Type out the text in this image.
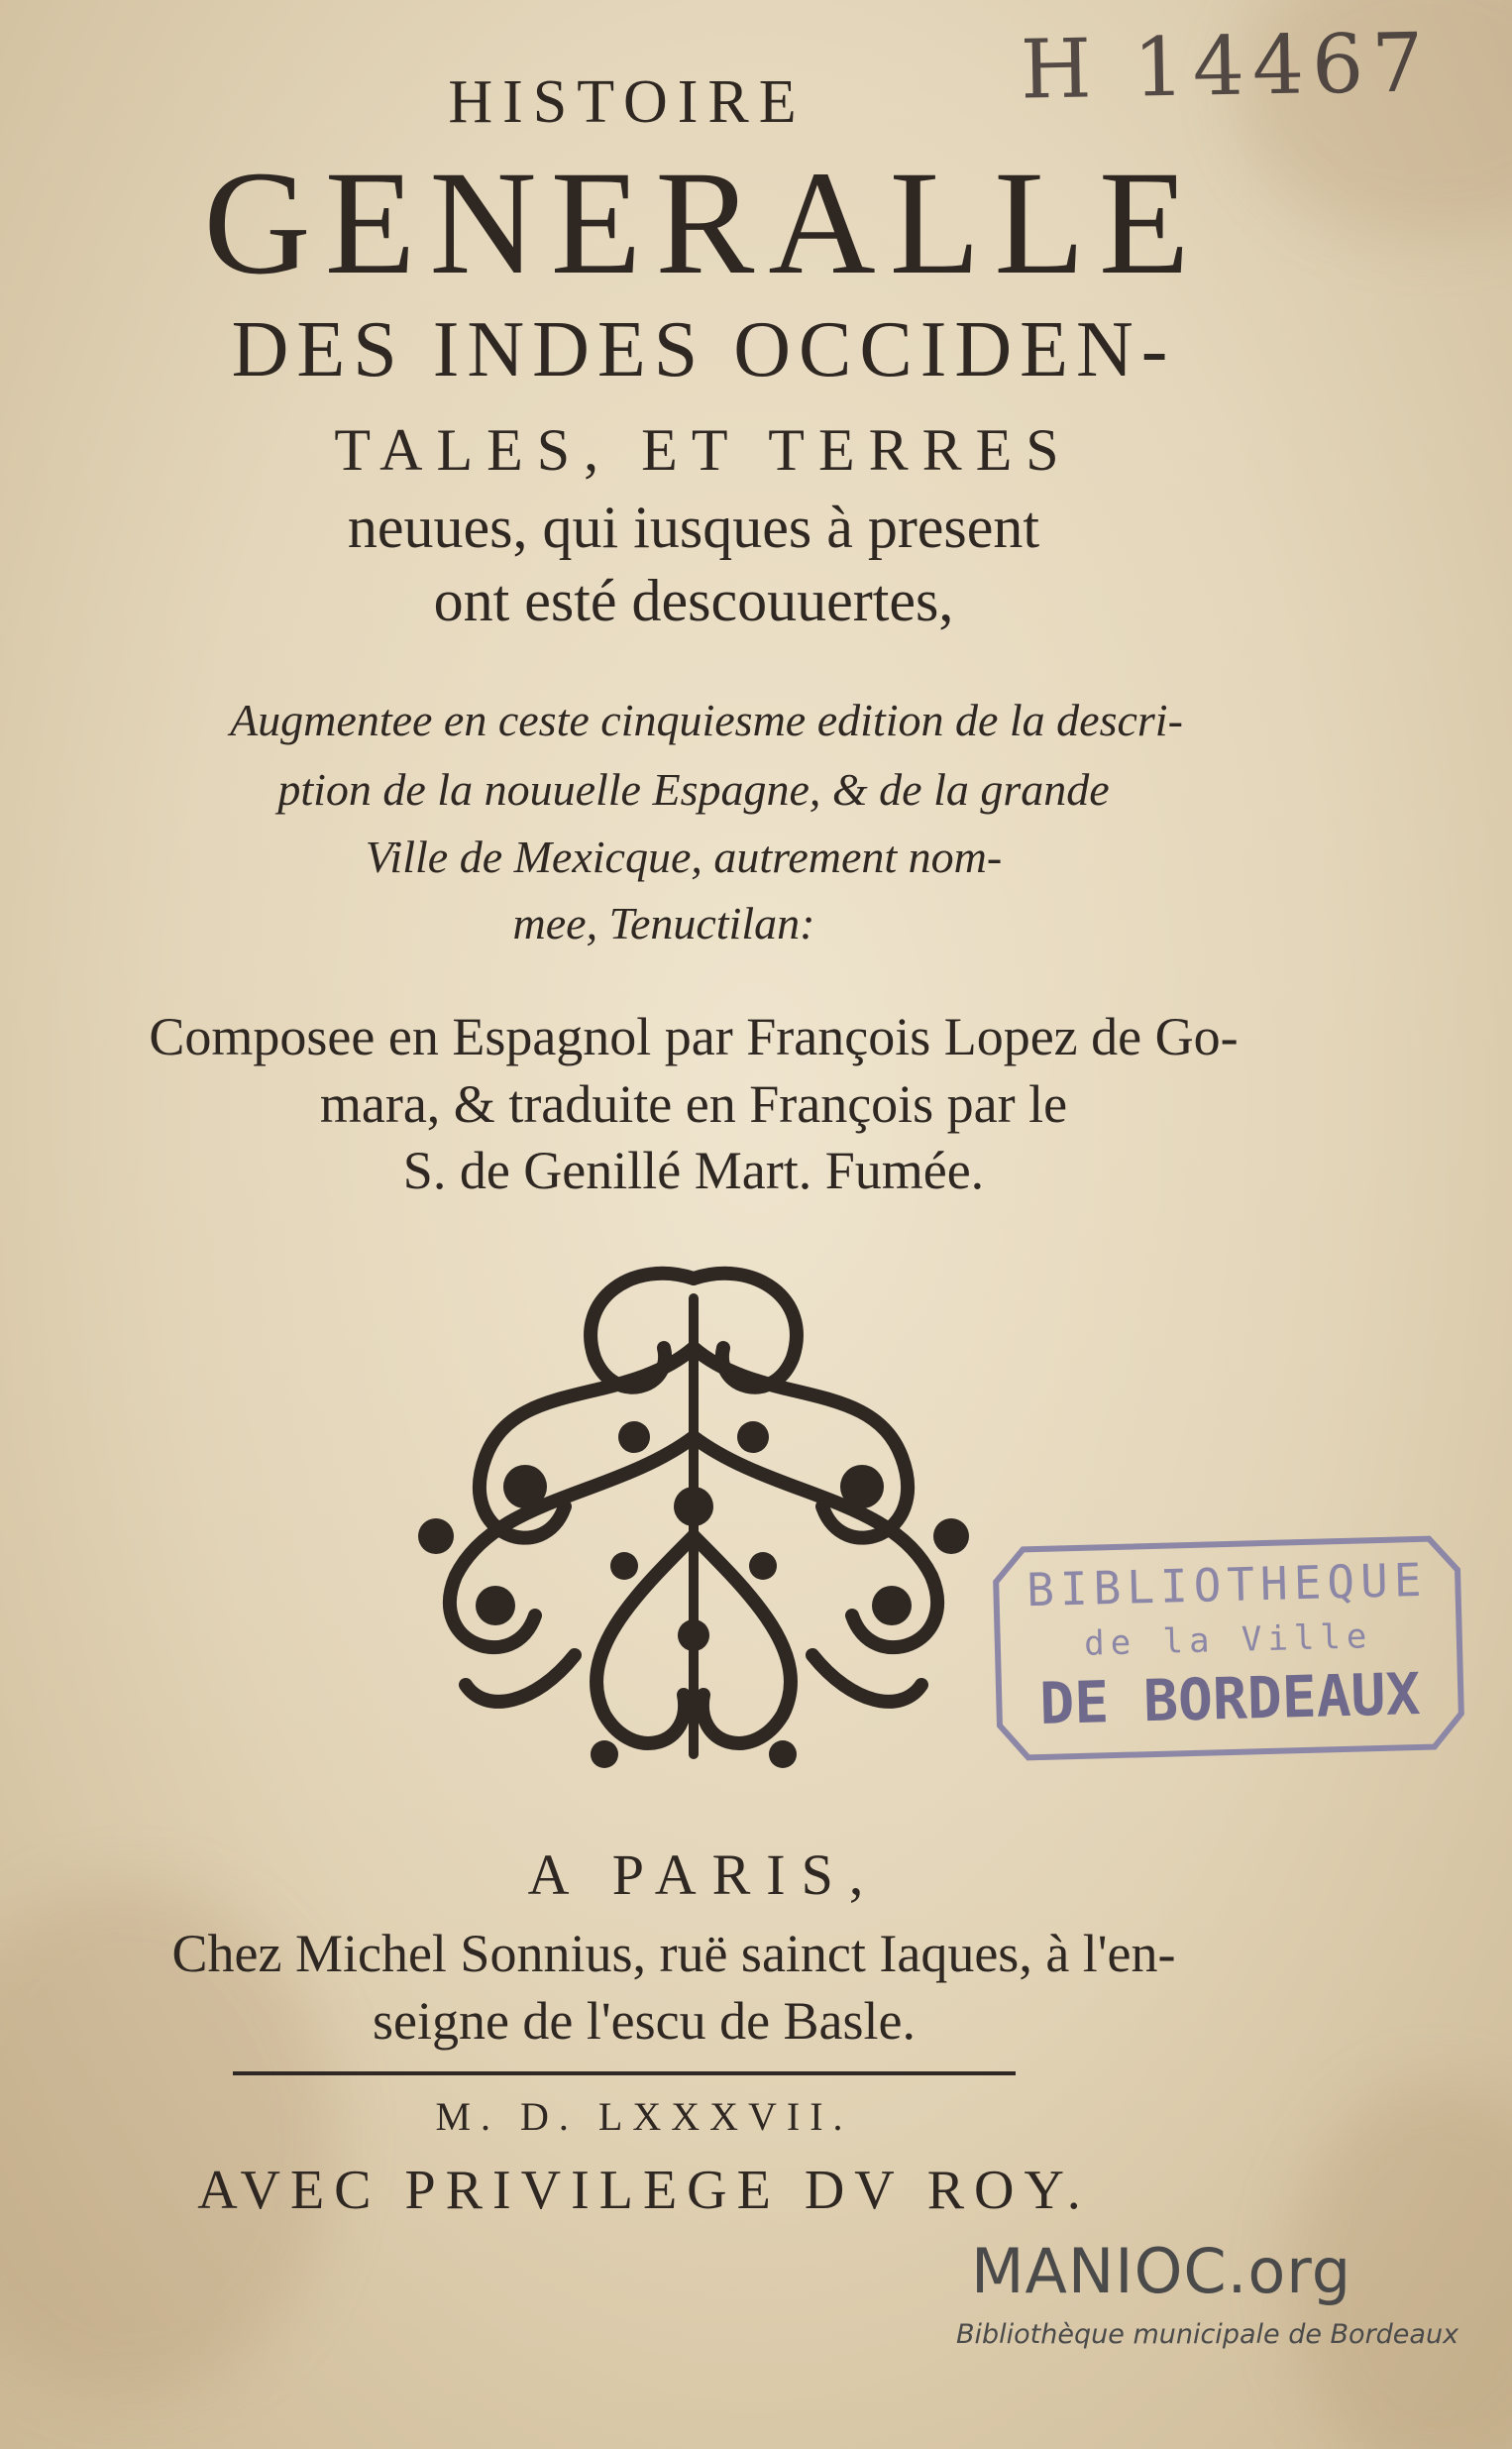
H 14467
HISTOIRE
GENERALLE
DES INDES OCCIDEN-
TALES, ET TERRES
neuues, qui iusques à present
ont esté descouuertes,
Augmentee en ceste cinquiesme edition de la descri-
ption de la nouuelle Espagne, & de la grande
Ville de Mexicque, autrement nom-
mee, Tenuctilan:
Composee en Espagnol par François Lopez de Go-
mara, & traduite en François par le
S. de Genillé Mart. Fumée.
BIBLIOTHEQUE
de la Ville
DE BORDEAUX
A PARIS,
Chez Michel Sonnius, ruë sainct Iaques, à l'en-
seigne de l'escu de Basle.
M. D. LXXXVII.
AVEC PRIVILEGE DV ROY.
MANIOC.org
Bibliothèque municipale de Bordeaux
